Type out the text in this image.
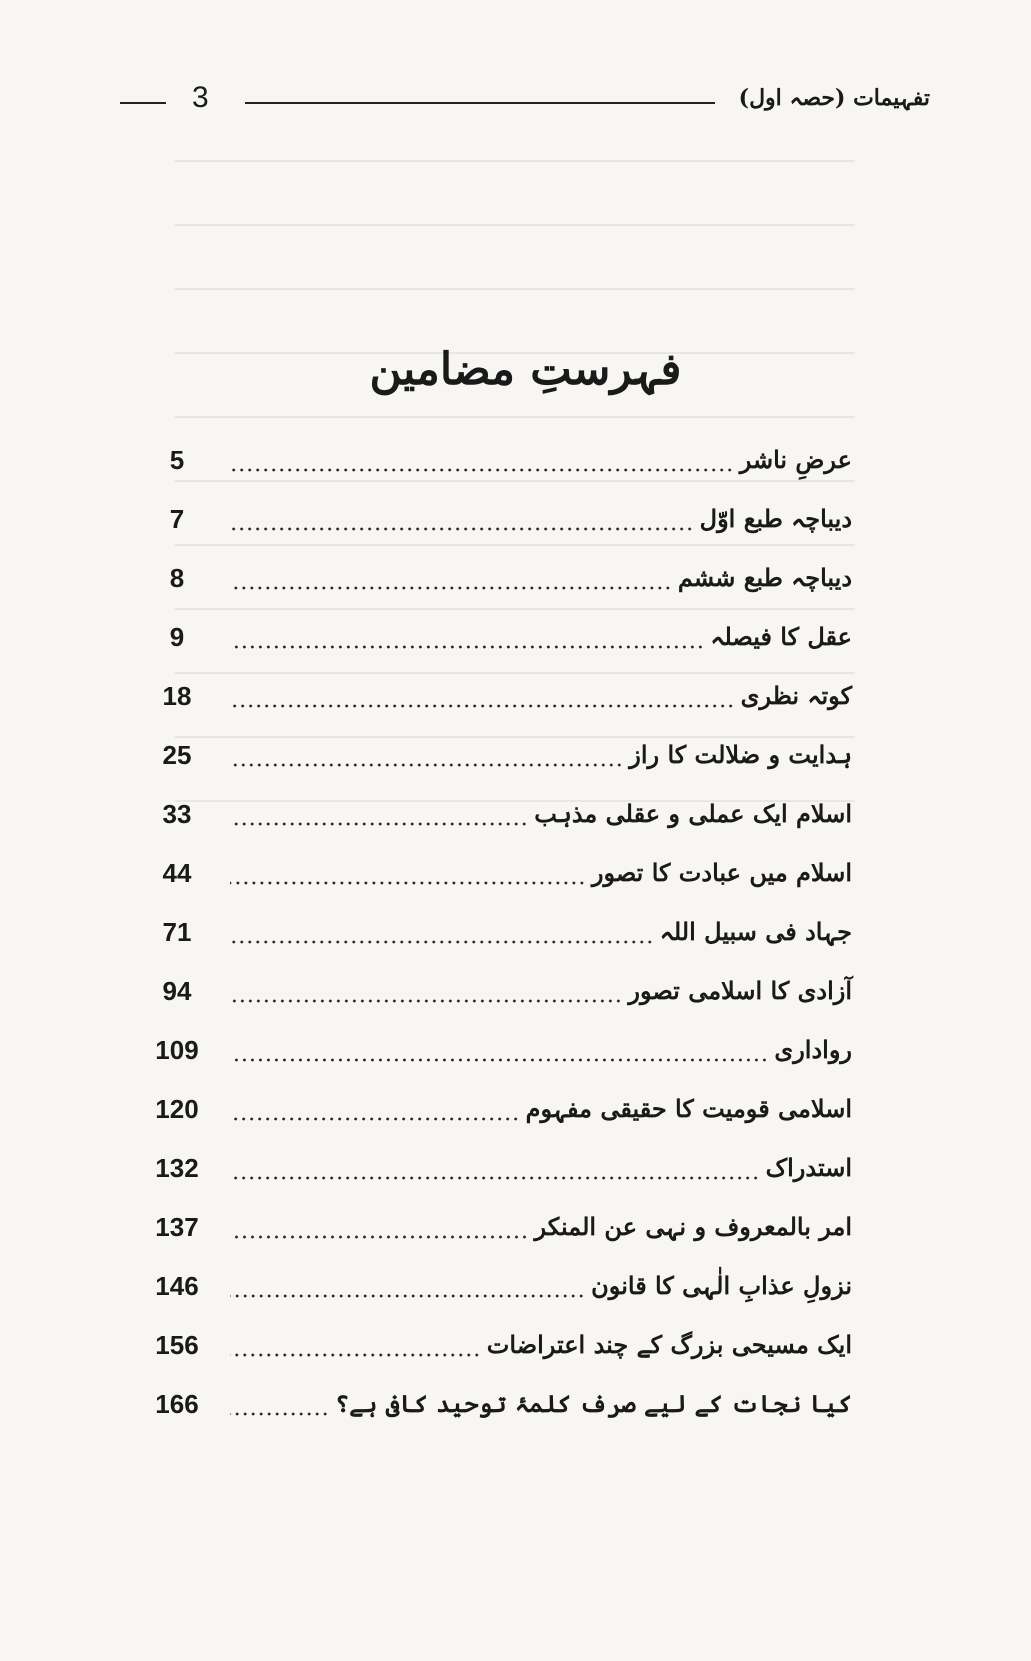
3	تفہیمات (حصہ اول)
فہرستِ مضامین
5	عرضِ ناشر
7	دیباچہ طبع اوّل
8	دیباچہ طبع ششم
9	عقل کا فیصلہ
18	کوتہ نظری
25	ہدایت و ضلالت کا راز
33	اسلام ایک عملی و عقلی مذہب
44	اسلام میں عبادت کا تصور
71	جہاد فی سبیل اللہ
94	آزادی کا اسلامی تصور
109	رواداری
120	اسلامی قومیت کا حقیقی مفہوم
132	استدراک
137	امر بالمعروف و نہی عن المنکر
146	نزولِ عذابِ الٰہی کا قانون
156	ایک مسیحی بزرگ کے چند اعتراضات
166	کیا نجات کے لیے صرف کلمۂ توحید کافی ہے؟
